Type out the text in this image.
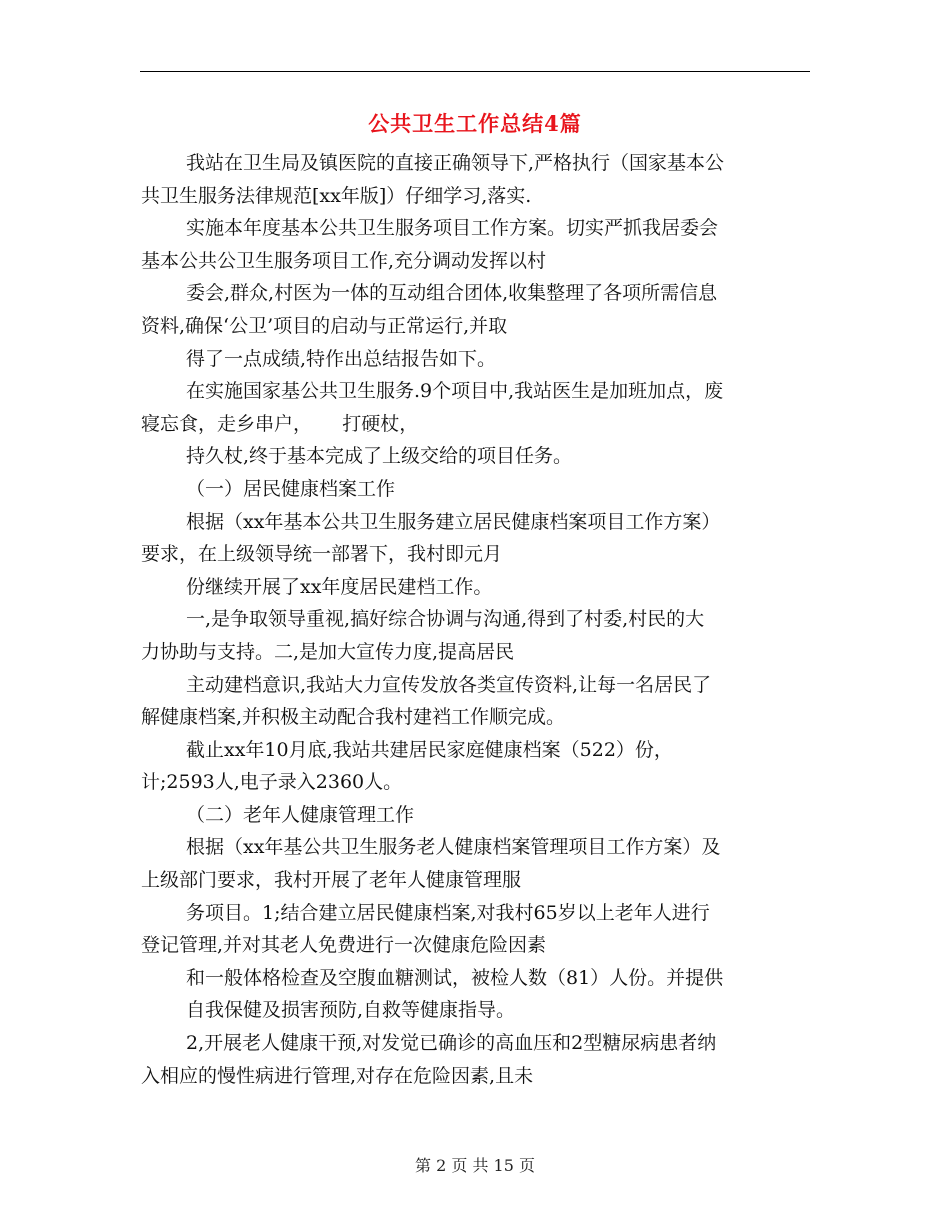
公共卫生工作总结4篇
我站在卫生局及镇医院的直接正确领导下,严格执行（国家基本公
共卫生服务法律规范[xx年版]）仔细学习,落实.
实施本年度基本公共卫生服务项目工作方案。切实严抓我居委会
基本公共公卫生服务项目工作,充分调动发挥以村
委会,群众,村医为一体的互动组合团体,收集整理了各项所需信息
资料,确保‘公卫’项目的启动与正常运行,并取
得了一点成绩,特作出总结报告如下。
在实施国家基公共卫生服务.9个项目中,我站医生是加班加点，废
寝忘食，走乡串户，     打硬杖，
持久杖,终于基本完成了上级交给的项目任务。
（一）居民健康档案工作
根据（xx年基本公共卫生服务建立居民健康档案项目工作方案）
要求，在上级领导统一部署下，我村即元月
份继续开展了xx年度居民建档工作。
一,是争取领导重视,搞好综合协调与沟通,得到了村委,村民的大
力协助与支持。二,是加大宣传力度,提高居民
主动建档意识,我站大力宣传发放各类宣传资料,让每一名居民了
解健康档案,并积极主动配合我村建裆工作顺完成。
截止xx年10月底,我站共建居民家庭健康档案（522）份，
计;2593人,电子录入2360人。
（二）老年人健康管理工作
根据（xx年基公共卫生服务老人健康档案管理项目工作方案）及
上级部门要求，我村开展了老年人健康管理服
务项目。1;结合建立居民健康档案,对我村65岁以上老年人进行
登记管理,并对其老人免费进行一次健康危险因素
和一般体格检查及空腹血糖测试，被检人数（81）人份。并提供
自我保健及损害预防,自救等健康指导。
2,开展老人健康干预,对发觉已确诊的高血压和2型糖尿病患者纳
入相应的慢性病进行管理,对存在危险因素,且未
第 2 页 共 15 页
